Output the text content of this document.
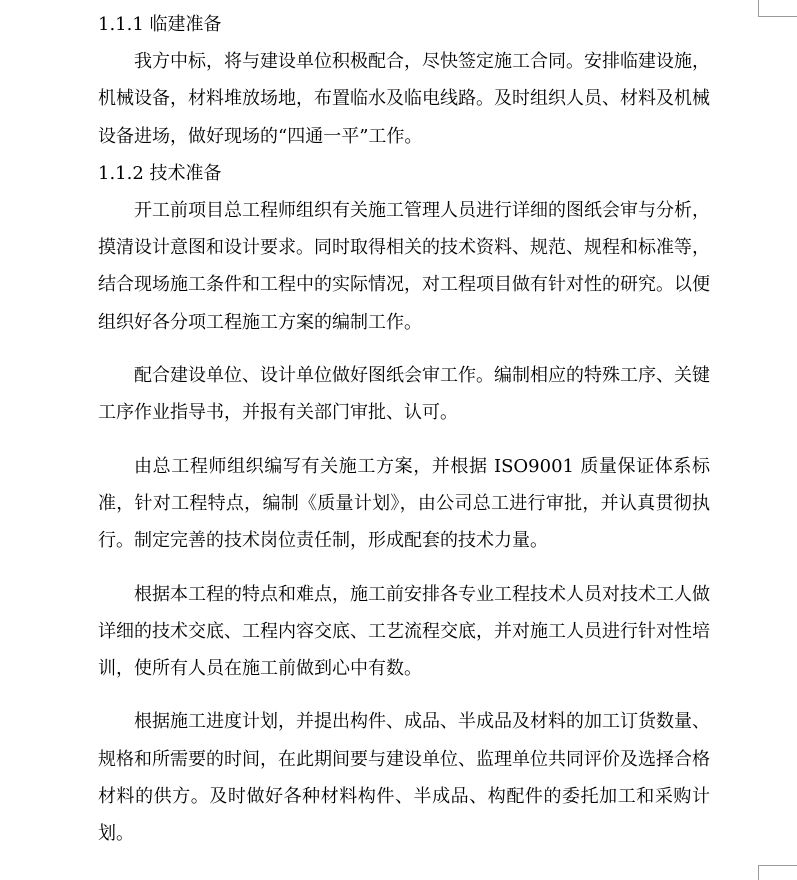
1.1.1 临建准备

我方中标，将与建设单位积极配合，尽快签定施工合同。安排临建设施，机械设备，材料堆放场地，布置临水及临电线路。及时组织人员、材料及机械设备进场，做好现场的“四通一平”工作。

1.1.2 技术准备

开工前项目总工程师组织有关施工管理人员进行详细的图纸会审与分析，摸清设计意图和设计要求。同时取得相关的技术资料、规范、规程和标准等，结合现场施工条件和工程中的实际情况，对工程项目做有针对性的研究。以便组织好各分项工程施工方案的编制工作。

配合建设单位、设计单位做好图纸会审工作。编制相应的特殊工序、关键工序作业指导书，并报有关部门审批、认可。

由总工程师组织编写有关施工方案，并根据 ISO9001 质量保证体系标准，针对工程特点，编制《质量计划》，由公司总工进行审批，并认真贯彻执行。制定完善的技术岗位责任制，形成配套的技术力量。

根据本工程的特点和难点，施工前安排各专业工程技术人员对技术工人做详细的技术交底、工程内容交底、工艺流程交底，并对施工人员进行针对性培训，使所有人员在施工前做到心中有数。

根据施工进度计划，并提出构件、成品、半成品及材料的加工订货数量、规格和所需要的时间，在此期间要与建设单位、监理单位共同评价及选择合格材料的供方。及时做好各种材料构件、半成品、构配件的委托加工和采购计划。
